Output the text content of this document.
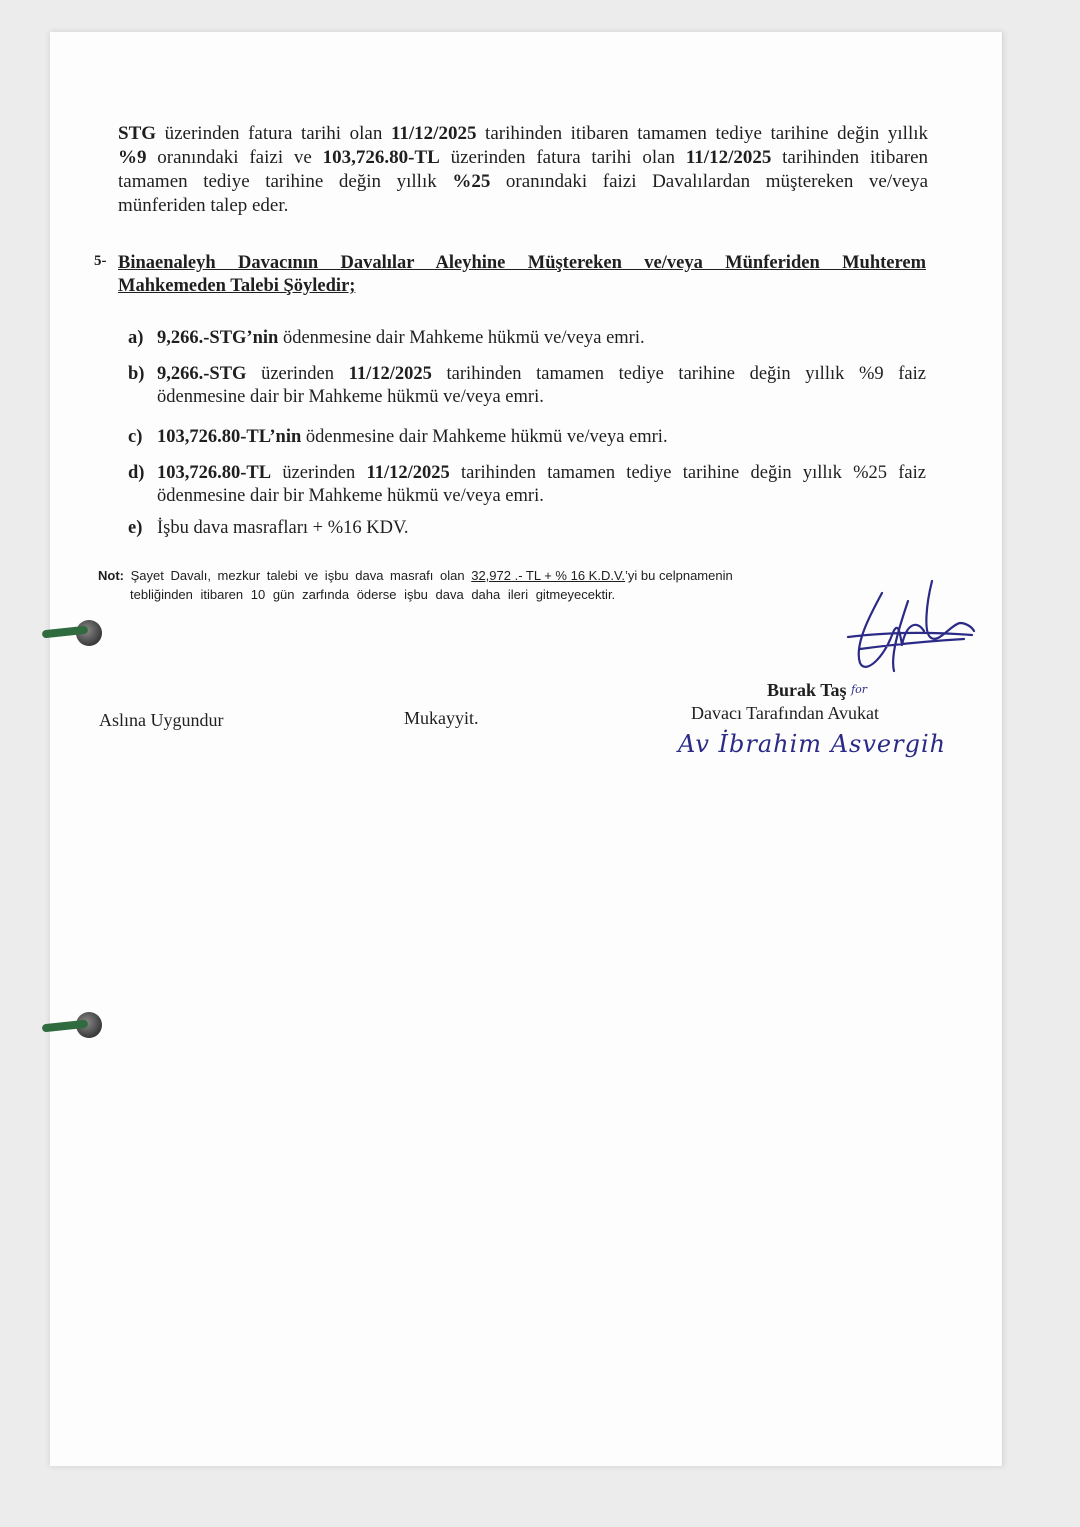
STG üzerinden fatura tarihi olan 11/12/2025 tarihinden itibaren tamamen tediye tarihine değin yıllık
%9 oranındaki faizi ve 103,726.80-TL üzerinden fatura tarihi olan 11/12/2025 tarihinden itibaren
tamamen tediye tarihine değin yıllık %25 oranındaki faizi Davalılardan müştereken ve/veya
münferiden talep eder.
5- Binaenaleyh Davacının Davalılar Aleyhine Müştereken ve/veya Münferiden Muhterem
Mahkemeden Talebi Şöyledir;
a) 9,266.-STG’nin ödenmesine dair Mahkeme hükmü ve/veya emri.
b) 9,266.-STG üzerinden 11/12/2025 tarihinden tamamen tediye tarihine değin yıllık %9 faiz
ödenmesine dair bir Mahkeme hükmü ve/veya emri.
c) 103,726.80-TL’nin ödenmesine dair Mahkeme hükmü ve/veya emri.
d) 103,726.80-TL üzerinden 11/12/2025 tarihinden tamamen tediye tarihine değin yıllık %25 faiz
ödenmesine dair bir Mahkeme hükmü ve/veya emri.
e) İşbu dava masrafları + %16 KDV.
Not: Şayet Davalı, mezkur talebi ve işbu dava masrafı olan 32,972 .- TL + % 16 K.D.V.’yi bu celpnamenin
tebliğinden itibaren 10 gün zarfında öderse işbu dava daha ileri gitmeyecektir.
Burak Taş $^{for}$
Aslına Uygundur	Mukayyit.	Davacı Tarafından Avukat
Av İbrahim Asvergih
